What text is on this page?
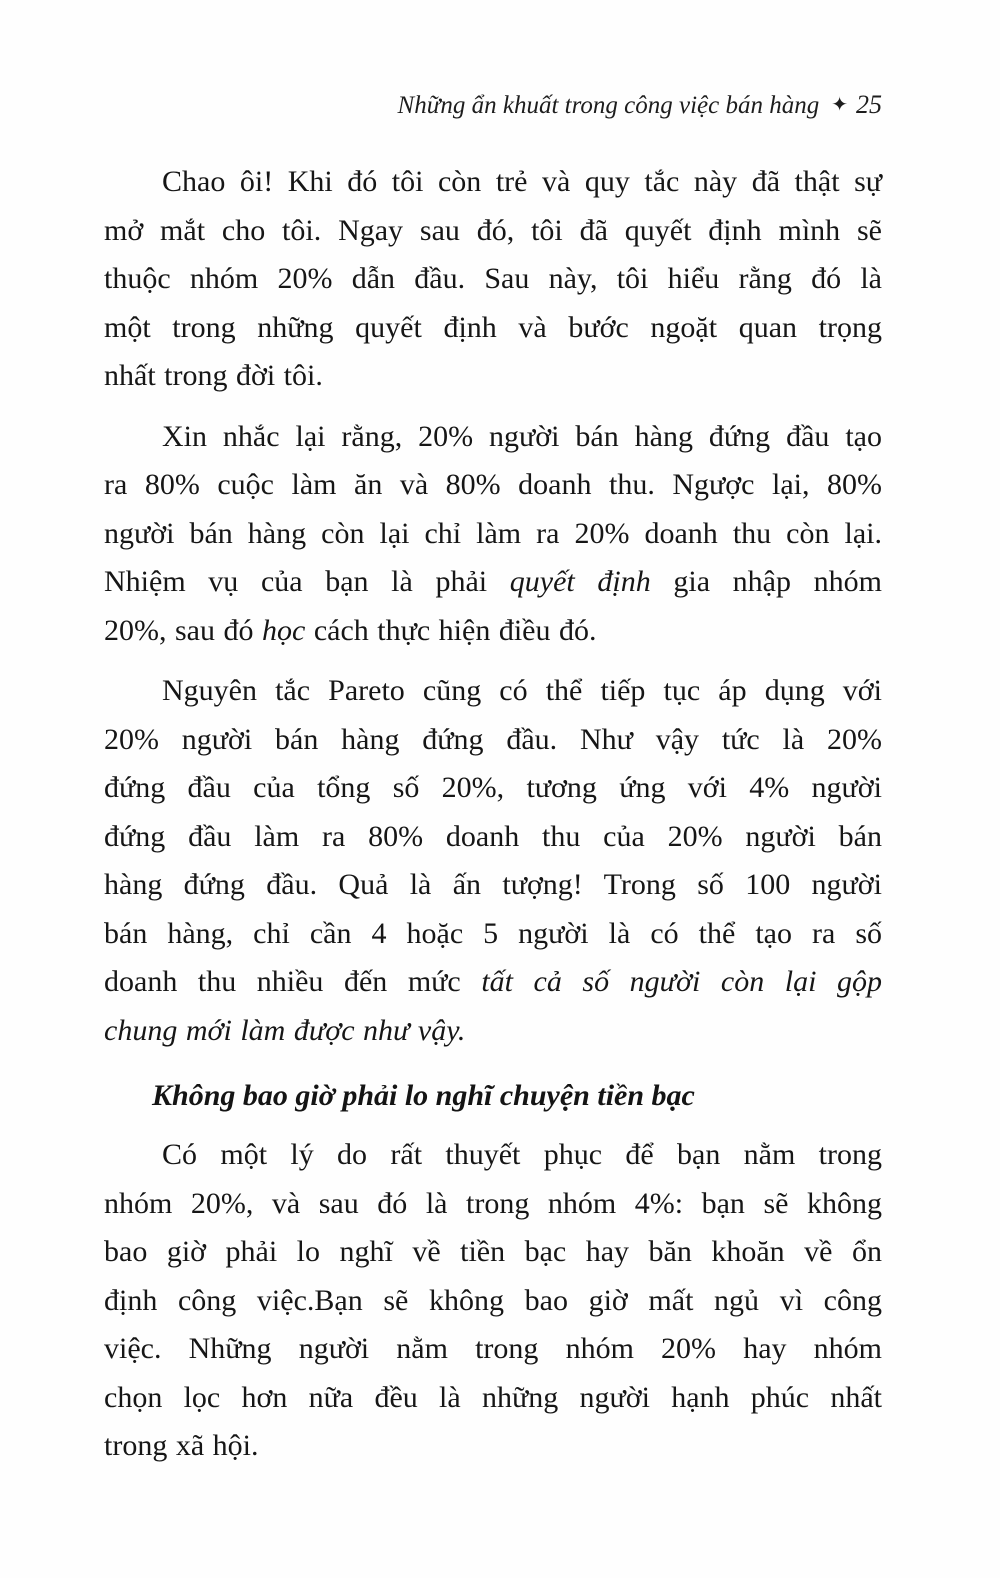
Những ẩn khuất trong công việc bán hàng ✦ 25

Chao ôi! Khi đó tôi còn trẻ và quy tắc này đã thật sự
mở mắt cho tôi. Ngay sau đó, tôi đã quyết định mình sẽ
thuộc nhóm 20% dẫn đầu. Sau này, tôi hiểu rằng đó là
một trong những quyết định và bước ngoặt quan trọng
nhất trong đời tôi.

Xin nhắc lại rằng, 20% người bán hàng đứng đầu tạo
ra 80% cuộc làm ăn và 80% doanh thu. Ngược lại, 80%
người bán hàng còn lại chỉ làm ra 20% doanh thu còn lại.
Nhiệm vụ của bạn là phải quyết định gia nhập nhóm
20%, sau đó học cách thực hiện điều đó.

Nguyên tắc Pareto cũng có thể tiếp tục áp dụng với
20% người bán hàng đứng đầu. Như vậy tức là 20%
đứng đầu của tổng số 20%, tương ứng với 4% người
đứng đầu làm ra 80% doanh thu của 20% người bán
hàng đứng đầu. Quả là ấn tượng! Trong số 100 người
bán hàng, chỉ cần 4 hoặc 5 người là có thể tạo ra số
doanh thu nhiều đến mức tất cả số người còn lại gộp
chung mới làm được như vậy.

Không bao giờ phải lo nghĩ chuyện tiền bạc

Có một lý do rất thuyết phục để bạn nằm trong
nhóm 20%, và sau đó là trong nhóm 4%: bạn sẽ không
bao giờ phải lo nghĩ về tiền bạc hay băn khoăn về ổn
định công việc.Bạn sẽ không bao giờ mất ngủ vì công
việc. Những người nằm trong nhóm 20% hay nhóm
chọn lọc hơn nữa đều là những người hạnh phúc nhất
trong xã hội.
